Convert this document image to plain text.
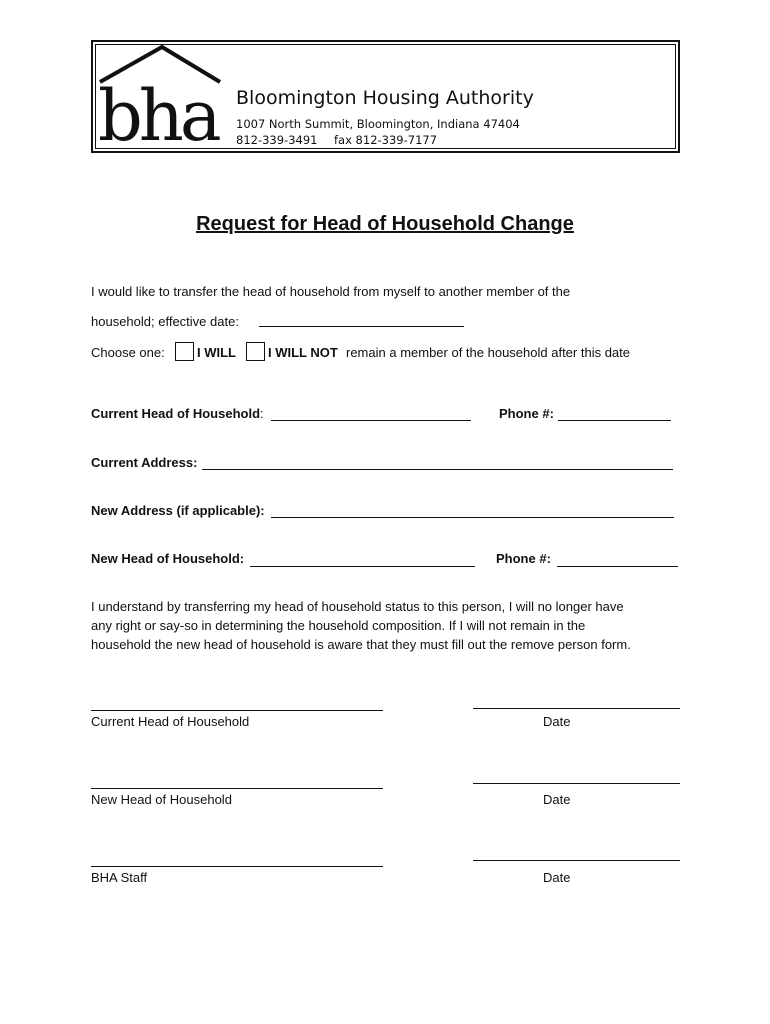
bha Bloomington Housing Authority
1007 North Summit, Bloomington, Indiana 47404
812-339-3491 fax 812-339-7177
Request for Head of Household Change
I would like to transfer the head of household from myself to another member of the
household; effective date:
Choose one: I WILL I WILL NOT remain a member of the household after this date
Current Head of Household:	Phone #:
Current Address:
New Address (if applicable):
New Head of Household:	Phone #:
I understand by transferring my head of household status to this person, I will no longer have
any right or say-so in determining the household composition. If I will not remain in the
household the new head of household is aware that they must fill out the remove person form.
Current Head of Household	Date
New Head of Household	Date
BHA Staff	Date
